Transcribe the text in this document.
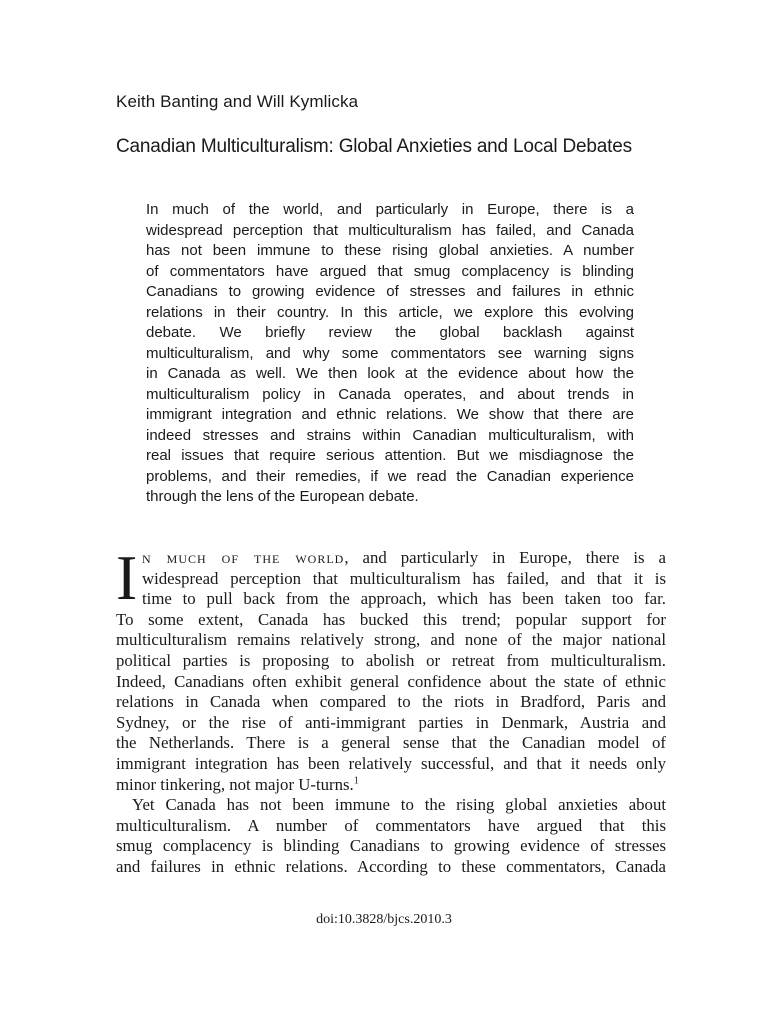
Keith Banting and Will Kymlicka
Canadian Multiculturalism: Global Anxieties and Local Debates
In much of the world, and particularly in Europe, there is a
widespread perception that multiculturalism has failed, and Canada
has not been immune to these rising global anxieties. A number
of commentators have argued that smug complacency is blinding
Canadians to growing evidence of stresses and failures in ethnic
relations in their country. In this article, we explore this evolving
debate. We briefly review the global backlash against
multiculturalism, and why some commentators see warning signs
in Canada as well. We then look at the evidence about how the
multiculturalism policy in Canada operates, and about trends in
immigrant integration and ethnic relations. We show that there are
indeed stresses and strains within Canadian multiculturalism, with
real issues that require serious attention. But we misdiagnose the
problems, and their remedies, if we read the Canadian experience
through the lens of the European debate.
I n much of the world, and particularly in Europe, there is a
widespread perception that multiculturalism has failed, and that it is
time to pull back from the approach, which has been taken too far.
To some extent, Canada has bucked this trend; popular support for
multiculturalism remains relatively strong, and none of the major national
political parties is proposing to abolish or retreat from multiculturalism.
Indeed, Canadians often exhibit general confidence about the state of ethnic
relations in Canada when compared to the riots in Bradford, Paris and
Sydney, or the rise of anti-immigrant parties in Denmark, Austria and
the Netherlands. There is a general sense that the Canadian model of
immigrant integration has been relatively successful, and that it needs only
minor tinkering, not major U-turns.$^1$
Yet Canada has not been immune to the rising global anxieties about
multiculturalism. A number of commentators have argued that this
smug complacency is blinding Canadians to growing evidence of stresses
and failures in ethnic relations. According to these commentators, Canada
doi:10.3828/bjcs.2010.3
